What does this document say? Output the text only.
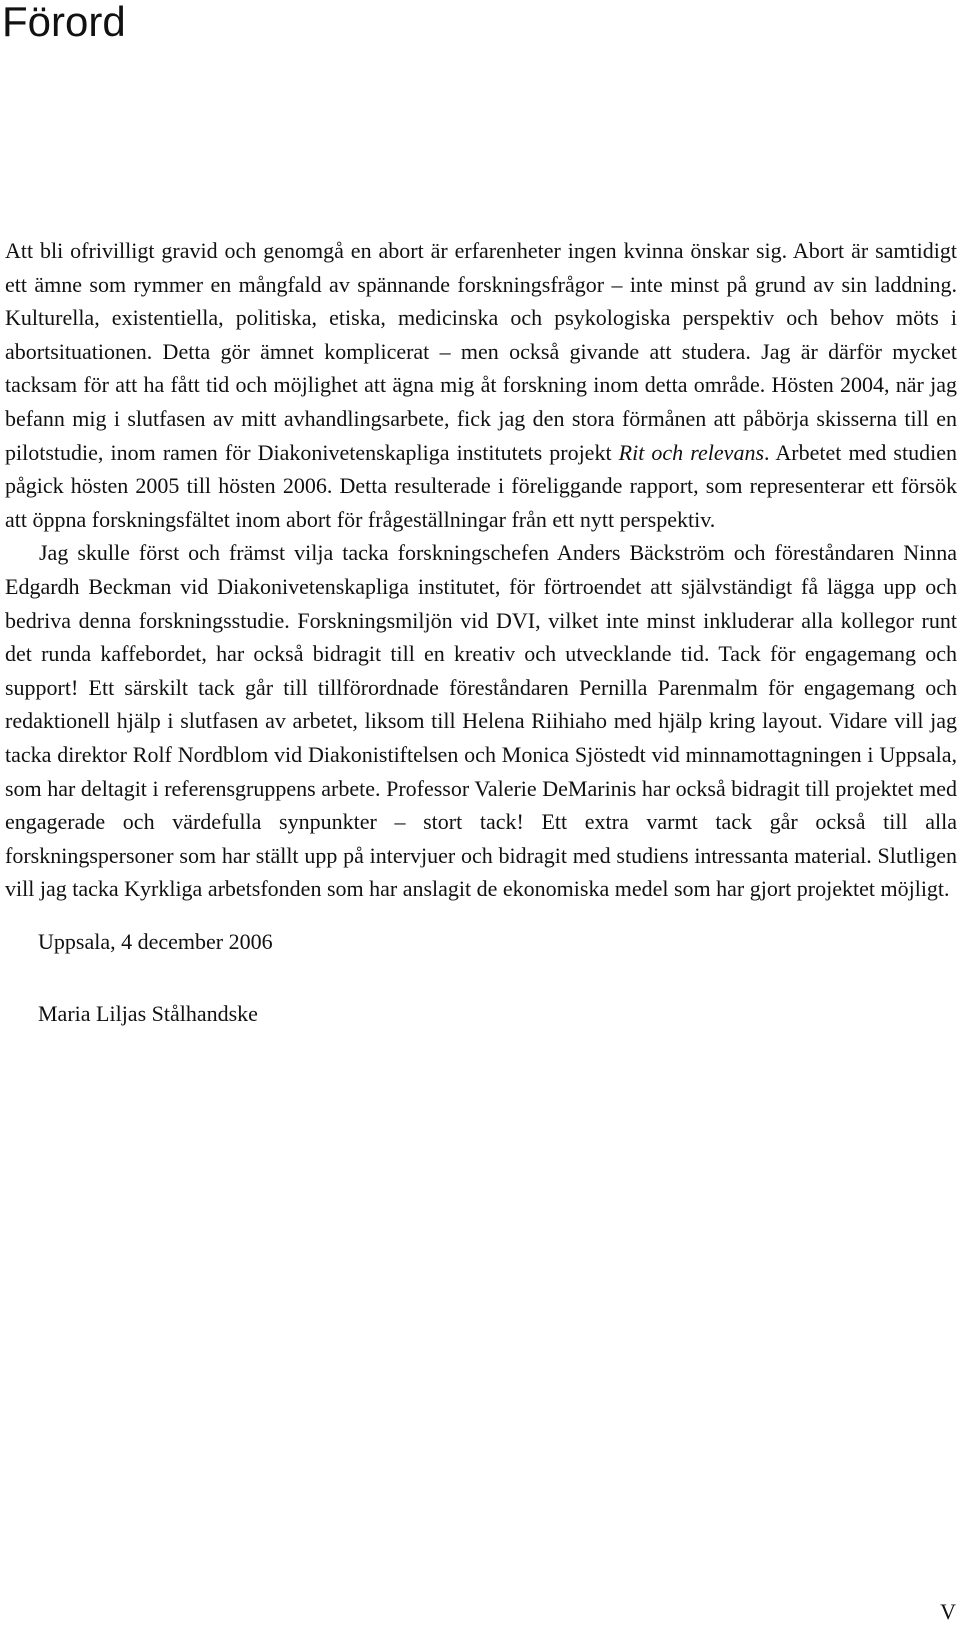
Förord

Att bli ofrivilligt gravid och genomgå en abort är erfarenheter ingen kvinna önskar sig. Abort är samtidigt ett ämne som rymmer en mångfald av spännande forskningsfrågor – inte minst på grund av sin laddning. Kulturella, existentiella, politiska, etiska, medicinska och psykologiska perspektiv och behov möts i abortsituationen. Detta gör ämnet komplicerat – men också givande att studera. Jag är därför mycket tacksam för att ha fått tid och möjlighet att ägna mig åt forskning inom detta område. Hösten 2004, när jag befann mig i slutfasen av mitt avhandlingsarbete, fick jag den stora förmånen att påbörja skisserna till en pilotstudie, inom ramen för Diakonivetenskapliga institutets projekt Rit och relevans. Arbetet med studien pågick hösten 2005 till hösten 2006. Detta resulterade i föreliggande rapport, som representerar ett försök att öppna forskningsfältet inom abort för frågeställningar från ett nytt perspektiv.

Jag skulle först och främst vilja tacka forskningschefen Anders Bäckström och föreståndaren Ninna Edgardh Beckman vid Diakonivetenskapliga institutet, för förtroendet att självständigt få lägga upp och bedriva denna forskningsstudie. Forskningsmiljön vid DVI, vilket inte minst inkluderar alla kollegor runt det runda kaffebordet, har också bidragit till en kreativ och utvecklande tid. Tack för engagemang och support! Ett särskilt tack går till tillförordnade föreståndaren Pernilla Parenmalm för engagemang och redaktionell hjälp i slutfasen av arbetet, liksom till Helena Riihiaho med hjälp kring layout. Vidare vill jag tacka direktor Rolf Nordblom vid Diakonistiftelsen och Monica Sjöstedt vid minnamottagningen i Uppsala, som har deltagit i referensgruppens arbete. Professor Valerie DeMarinis har också bidragit till projektet med engagerade och värdefulla synpunkter – stort tack! Ett extra varmt tack går också till alla forskningspersoner som har ställt upp på intervjuer och bidragit med studiens intressanta material. Slutligen vill jag tacka Kyrkliga arbetsfonden som har anslagit de ekonomiska medel som har gjort projektet möjligt.

Uppsala, 4 december 2006
Maria Liljas Stålhandske
V
